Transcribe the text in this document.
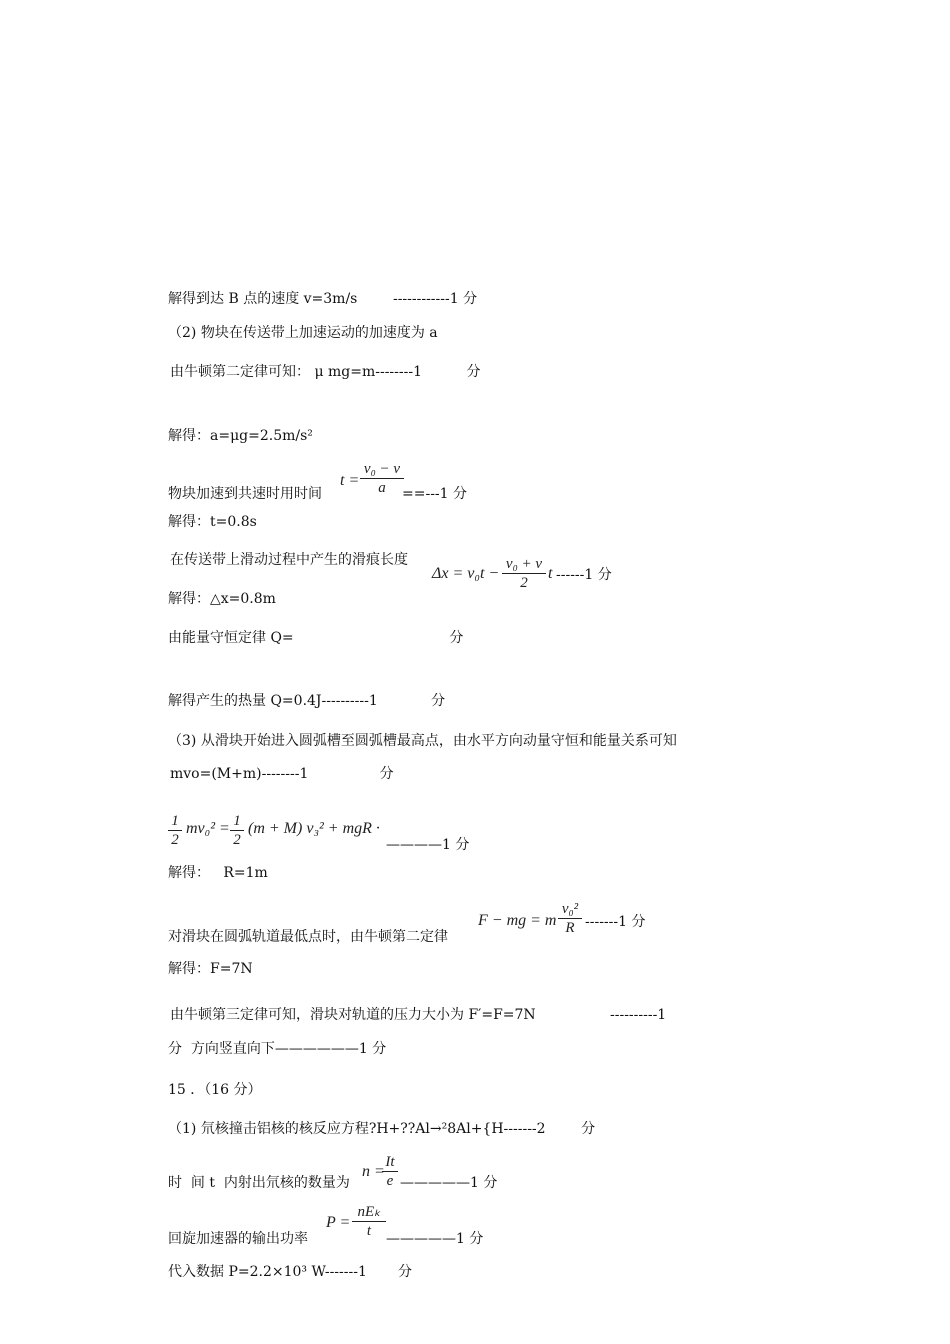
解得到达 B 点的速度 v=3m/s        ------------1 分
（2) 物块在传送带上加速运动的加速度为 a
由牛顿第二定律可知： μ mg=m--------1          分
解得：a=μg=2.5m/s²
物块加速到共速时用时间
$t = \frac{\text{v₀ − v}}{a}$
==---1 分
解得：t=0.8s
在传送带上滑动过程中产生的滑痕长度
$\Delta x = v_0t - \frac{\text{v₀ + v}}{2}$ t ------1 分
解得：△x=0.8m
由能量守恒定律 Q=                                   分
解得产生的热量 Q=0.4J----------1            分
（3) 从滑块开始进入圆弧槽至圆弧槽最高点，由水平方向动量守恒和能量关系可知
mvo=(M+m)--------1                分
$\frac{1}{2} mv_0^2 = \frac{1}{2} (m + M) v_3^2$ + mgR ·
————1 分
解得：   R=1m
对滑块在圆弧轨道最低点时，由牛顿第二定律
F − mg = m $\frac{\text{v₀²}}{R} -------1$ 分
解得：F=7N
由牛顿第三定律可知，滑块对轨道的压力大小为 F′=F=7N	----------1
分  方向竖直向下——————1 分
15 ．（16 分）
（1) 氘核撞击铝核的核反应方程?H+??Al→²8Al+{H-------2        分
时  间 t  内射出氘核的数量为
n =
$\frac{It}{e}$ —————1 分
回旋加速器的输出功率
P =
nEₖ
t	—————1 分
代入数据 P=2.2×10³ W-------1       分
